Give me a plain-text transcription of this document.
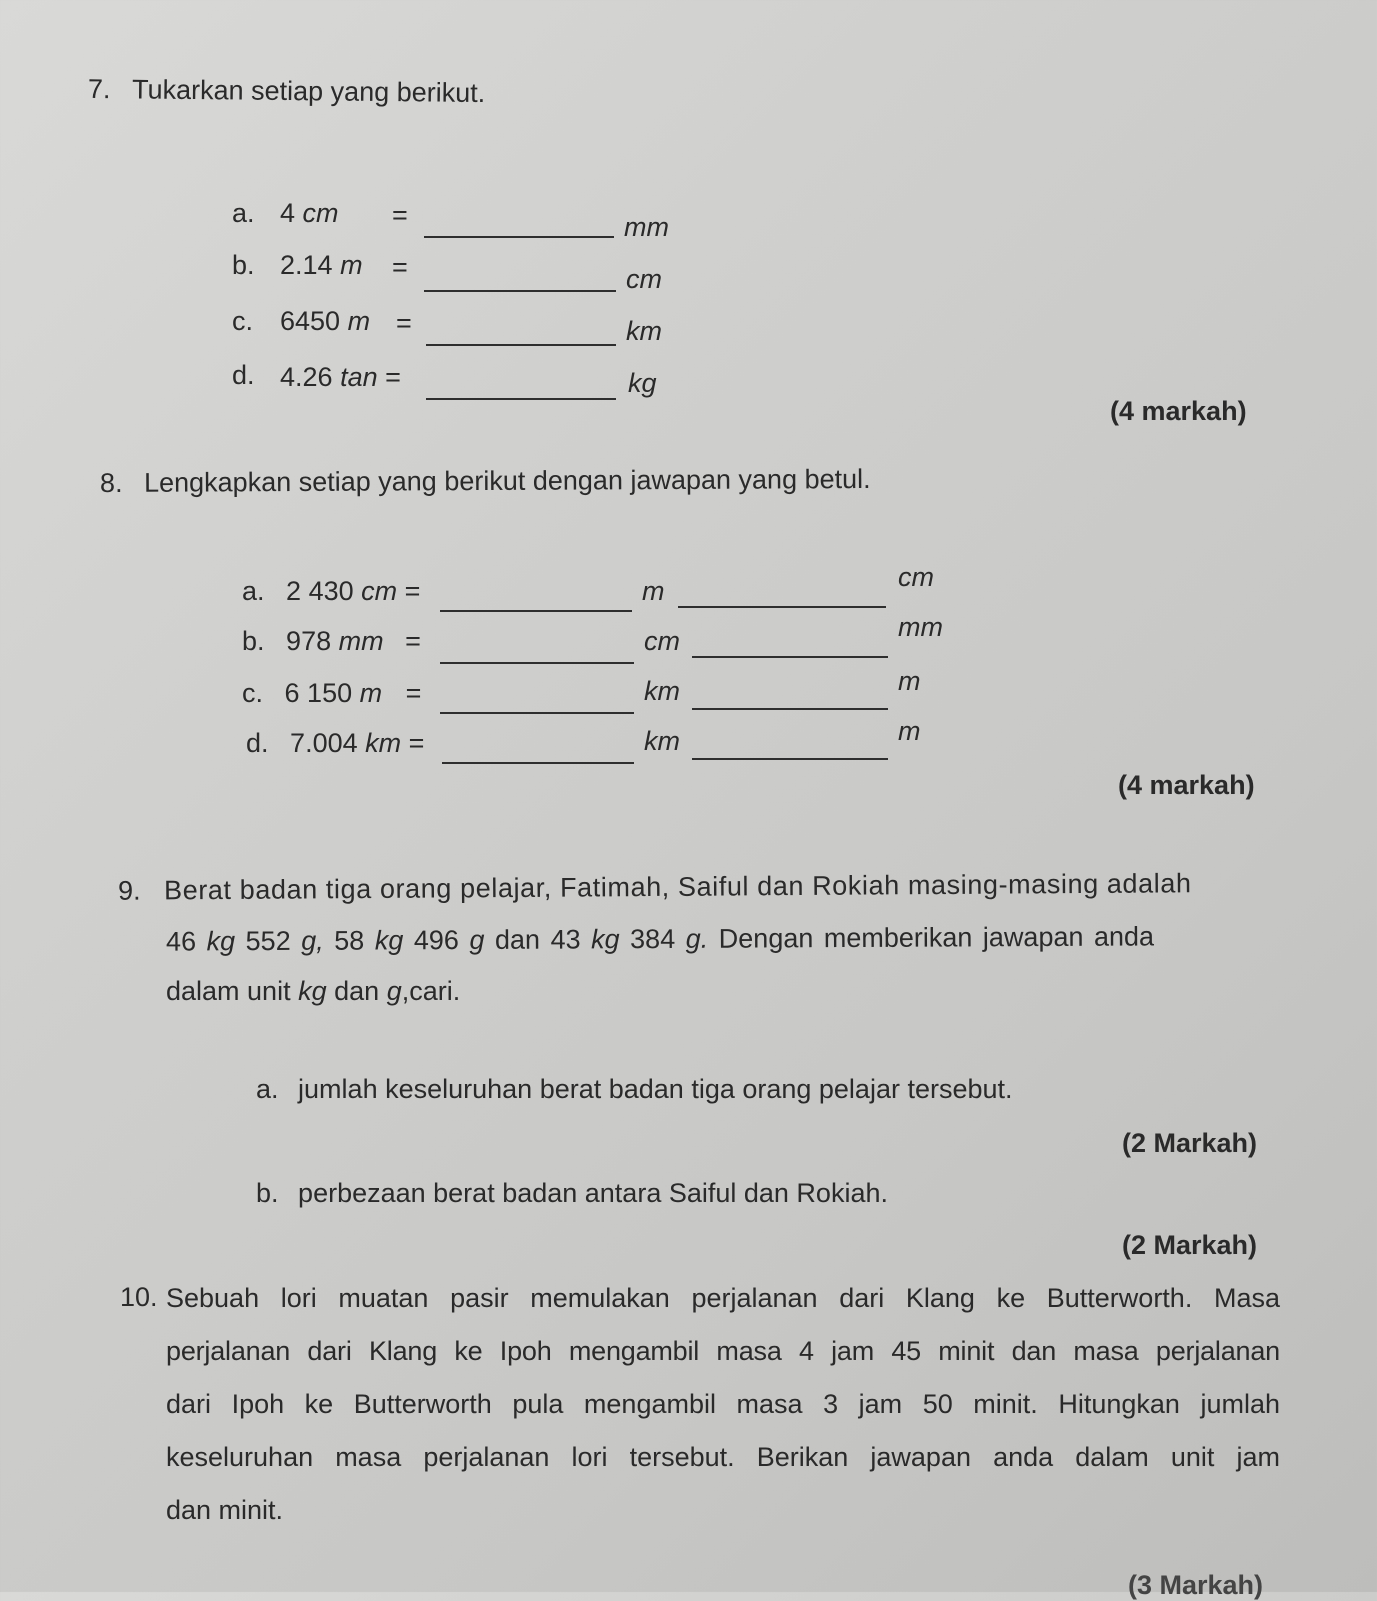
7. Tukarkan setiap yang berikut.
a. 4 cm =	mm
b. 2.14 m =	cm
c. 6450 m =	km
d. 4.26 tan =	kg
(4 markah)
8. Lengkapkan setiap yang berikut dengan jawapan yang betul.
a. 2 430 cm =	m	cm
b. 978 mm =	cm	mm
c. 6 150 m =	km	m
d. 7.004 km =	km	m
(4 markah)
9. Berat badan tiga orang pelajar, Fatimah, Saiful dan Rokiah masing-masing adalah
46 kg 552 g, 58 kg 496 g dan 43 kg 384 g. Dengan memberikan jawapan anda
dalam unit kg dan g,cari.
a. jumlah keseluruhan berat badan tiga orang pelajar tersebut.
(2 Markah)
b. perbezaan berat badan antara Saiful dan Rokiah.
(2 Markah)
10. Sebuah lori muatan pasir memulakan perjalanan dari Klang ke Butterworth. Masa
perjalanan dari Klang ke Ipoh mengambil masa 4 jam 45 minit dan masa perjalanan
dari Ipoh ke Butterworth pula mengambil masa 3 jam 50 minit. Hitungkan jumlah
keseluruhan masa perjalanan lori tersebut. Berikan jawapan anda dalam unit jam
dan minit.
(3 Markah)
